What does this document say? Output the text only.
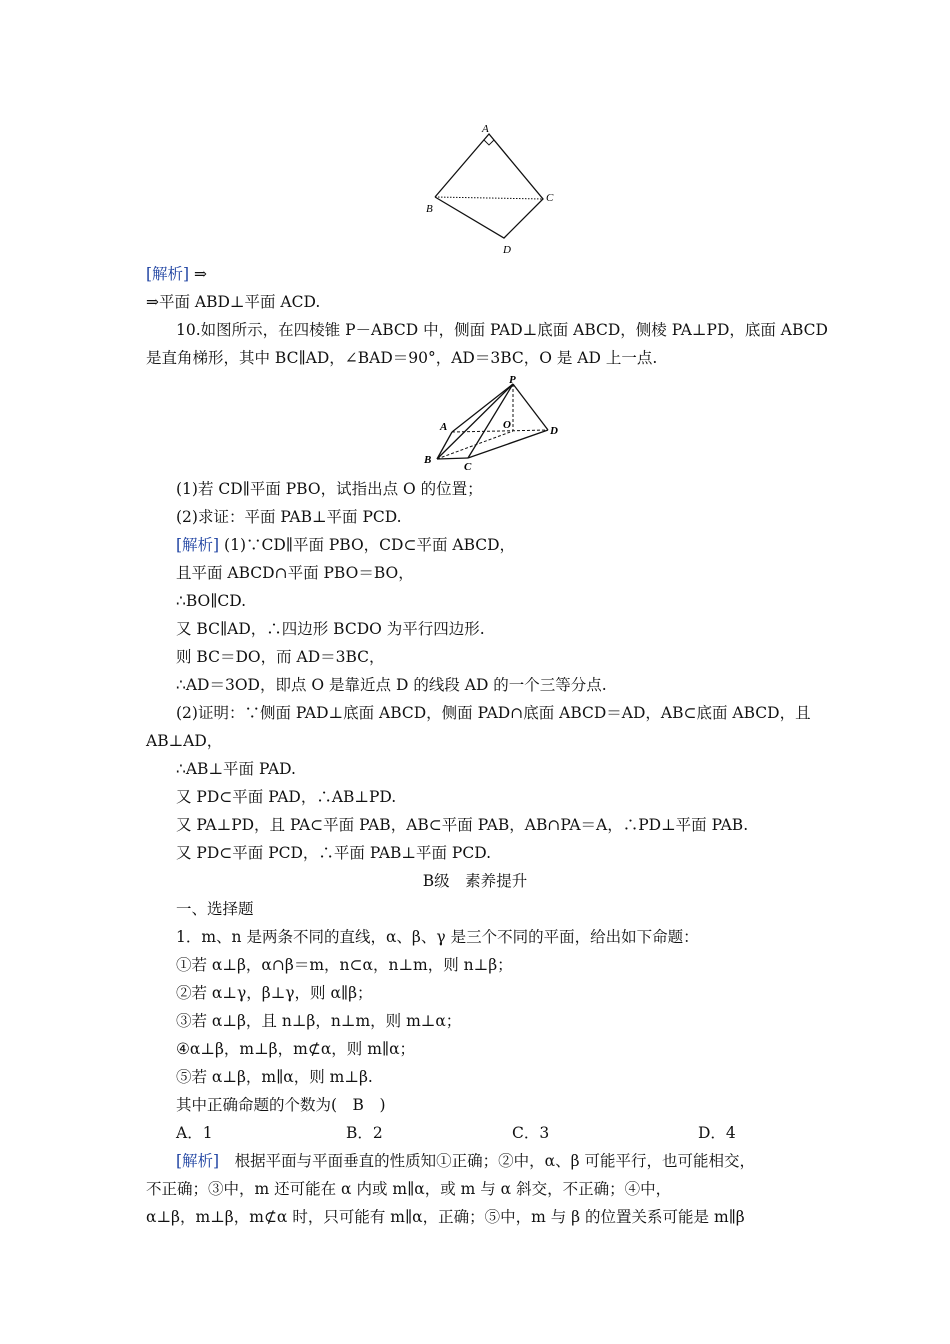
A
B
C
D
[解析] ⇒
⇒平面 ABD⊥平面 ACD.
10.如图所示，在四棱锥 P－ABCD 中，侧面 PAD⊥底面 ABCD，侧棱 PA⊥PD，底面 ABCD
是直角梯形，其中 BC∥AD，∠BAD＝90°，AD＝3BC，O 是 AD 上一点.
P
A	O	D
B
C
(1)若 CD∥平面 PBO，试指出点 O 的位置；
(2)求证：平面 PAB⊥平面 PCD.
[解析] (1)∵CD∥平面 PBO，CD⊂平面 ABCD，
且平面 ABCD∩平面 PBO＝BO，
∴BO∥CD.
又 BC∥AD，∴四边形 BCDO 为平行四边形.
则 BC＝DO，而 AD＝3BC，
∴AD＝3OD，即点 O 是靠近点 D 的线段 AD 的一个三等分点.
(2)证明：∵侧面 PAD⊥底面 ABCD，侧面 PAD∩底面 ABCD＝AD，AB⊂底面 ABCD，且
AB⊥AD，
∴AB⊥平面 PAD.
又 PD⊂平面 PAD，∴AB⊥PD.
又 PA⊥PD，且 PA⊂平面 PAB，AB⊂平面 PAB，AB∩PA＝A，∴PD⊥平面 PAB.
又 PD⊂平面 PCD，∴平面 PAB⊥平面 PCD.
B级　素养提升
一、选择题
1．m、n 是两条不同的直线，α、β、γ 是三个不同的平面，给出如下命题：
①若 α⊥β，α∩β＝m，n⊂α，n⊥m，则 n⊥β；
②若 α⊥γ，β⊥γ，则 α∥β；
③若 α⊥β，且 n⊥β，n⊥m，则 m⊥α；
④α⊥β，m⊥β，m⊄α，则 m∥α；
⑤若 α⊥β，m∥α，则 m⊥β.
其中正确命题的个数为(　B　)
A．1	B．2	C．3	D．4
[解析]　根据平面与平面垂直的性质知①正确；②中，α、β 可能平行，也可能相交，
不正确；③中，m 还可能在 α 内或 m∥α，或 m 与 α 斜交，不正确；④中，
α⊥β，m⊥β，m⊄α 时，只可能有 m∥α，正确；⑤中，m 与 β 的位置关系可能是 m∥β
